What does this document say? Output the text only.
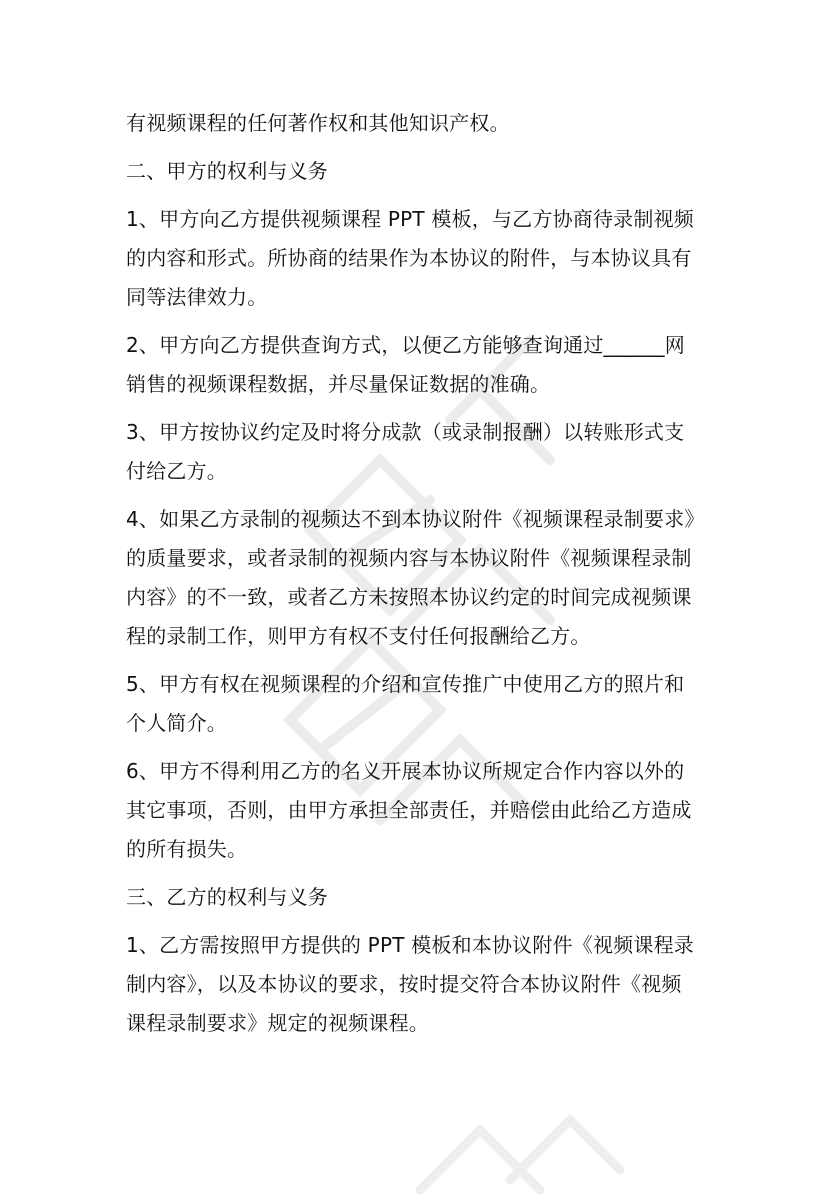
有视频课程的任何著作权和其他知识产权。

二、甲方的权利与义务

1、甲方向乙方提供视频课程 PPT 模板，与乙方协商待录制视频

的内容和形式。所协商的结果作为本协议的附件，与本协议具有

同等法律效力。

2、甲方向乙方提供查询方式，以便乙方能够查询通过______网

销售的视频课程数据，并尽量保证数据的准确。

3、甲方按协议约定及时将分成款（或录制报酬）以转账形式支

付给乙方。

4、如果乙方录制的视频达不到本协议附件《视频课程录制要求》

的质量要求，或者录制的视频内容与本协议附件《视频课程录制

内容》的不一致，或者乙方未按照本协议约定的时间完成视频课

程的录制工作，则甲方有权不支付任何报酬给乙方。

5、甲方有权在视频课程的介绍和宣传推广中使用乙方的照片和

个人简介。

6、甲方不得利用乙方的名义开展本协议所规定合作内容以外的

其它事项，否则，由甲方承担全部责任，并赔偿由此给乙方造成

的所有损失。

三、乙方的权利与义务

1、乙方需按照甲方提供的 PPT 模板和本协议附件《视频课程录

制内容》，以及本协议的要求，按时提交符合本协议附件《视频

课程录制要求》规定的视频课程。
